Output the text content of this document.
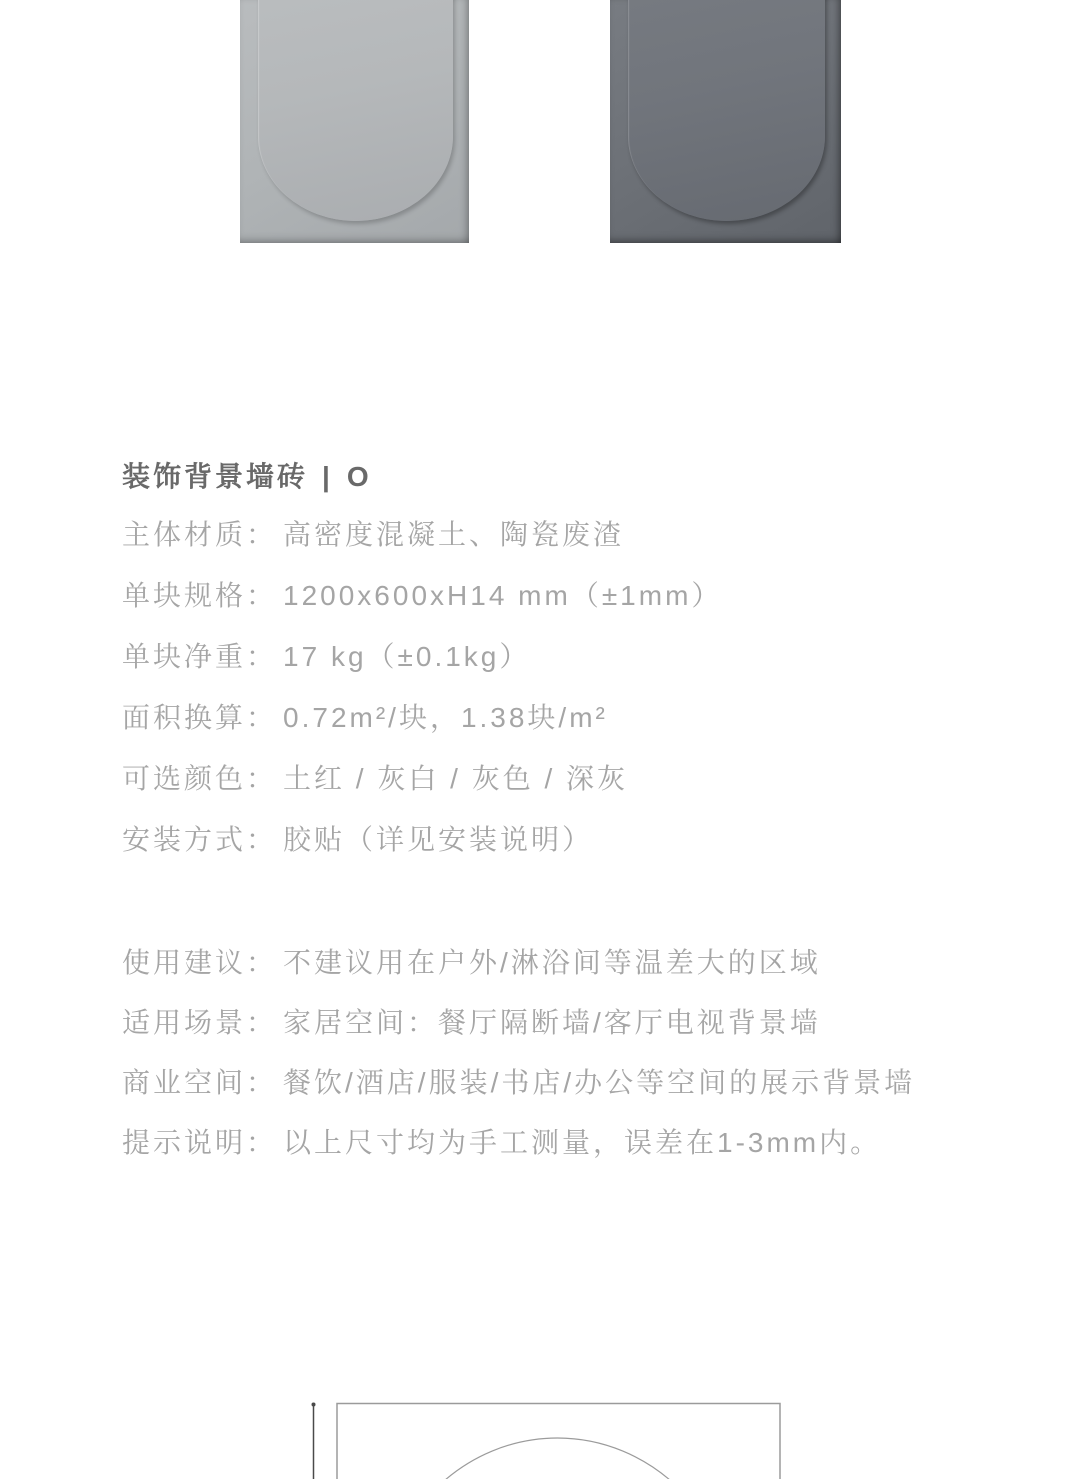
装饰背景墙砖 | O
主体材质： 高密度混凝土、陶瓷废渣
单块规格： 1200x600xH14 mm（±1mm）
单块净重： 17 kg（±0.1kg）
面积换算： 0.72m²/块，1.38块/m²
可选颜色： 土红 / 灰白 / 灰色 / 深灰
安装方式： 胶贴（详见安装说明）
使用建议： 不建议用在户外/淋浴间等温差大的区域
适用场景： 家居空间：餐厅隔断墙/客厅电视背景墙
商业空间： 餐饮/酒店/服装/书店/办公等空间的展示背景墙
提示说明： 以上尺寸均为手工测量，误差在1-3mm内。
